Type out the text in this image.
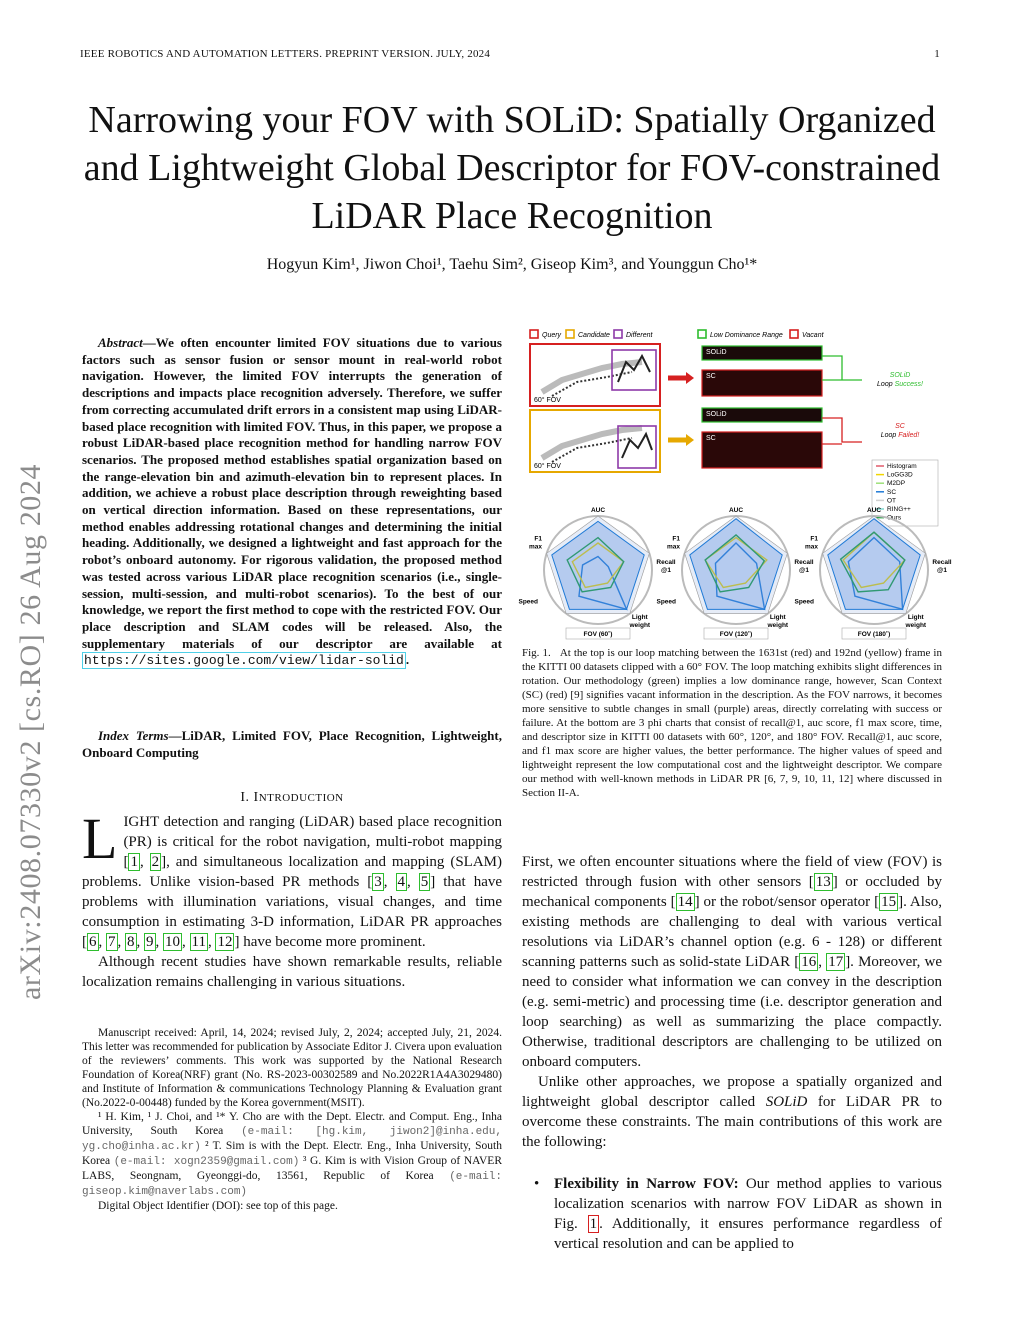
IEEE ROBOTICS AND AUTOMATION LETTERS. PREPRINT VERSION. JULY, 2024	1
Narrowing your FOV with SOLiD: Spatially Organized and Lightweight Global Descriptor for FOV-constrained LiDAR Place Recognition
Hogyun Kim¹, Jiwon Choi¹, Taehu Sim², Giseop Kim³, and Younggun Cho¹*
arXiv:2408.07330v2 [cs.RO] 26 Aug 2024
Abstract—We often encounter limited FOV situations due to various factors such as sensor fusion or sensor mount in real-world robot navigation. However, the limited FOV interrupts the generation of descriptions and impacts place recognition adversely. Therefore, we suffer from correcting accumulated drift errors in a consistent map using LiDAR-based place recognition with limited FOV. Thus, in this paper, we propose a robust LiDAR-based place recognition method for handling narrow FOV scenarios. The proposed method establishes spatial organization based on the range-elevation bin and azimuth-elevation bin to represent places. In addition, we achieve a robust place description through reweighting based on vertical direction information. Based on these representations, our method enables addressing rotational changes and determining the initial heading. Additionally, we designed a lightweight and fast approach for the robot’s onboard autonomy. For rigorous validation, the proposed method was tested across various LiDAR place recognition scenarios (i.e., single-session, multi-session, and multi-robot scenarios). To the best of our knowledge, we report the first method to cope with the restricted FOV. Our place description and SLAM codes will be released. Also, the supplementary materials of our descriptor are available at https://sites.google.com/view/lidar-solid .
Index Terms—LiDAR, Limited FOV, Place Recognition, Lightweight, Onboard Computing
I. INTRODUCTION

LIGHT detection and ranging (LiDAR) based place recognition (PR) is critical for the robot navigation, multi-robot mapping [ 1 , 2 ], and simultaneous localization and mapping (SLAM) problems. Unlike vision-based PR methods [ 3 , 4 , 5 ] that have problems with illumination variations, visual changes, and time consumption in estimating 3-D information, LiDAR PR approaches [ 6 , 7 , 8 , 9 , 10 , 11 , 12 ] have become more prominent.

Although recent studies have shown remarkable results, reliable localization remains challenging in various situations.

Manuscript received: April, 14, 2024; revised July, 2, 2024; accepted July, 21, 2024. This letter was recommended for publication by Associate Editor J. Civera upon evaluation of the reviewers’ comments. This work was supported by the National Research Foundation of Korea(NRF) grant (No. RS-2023-00302589 and No.2022R1A4A3029480) and Institute of Information & communications Technology Planning & Evaluation grant (No.2022-0-00448) funded by the Korea government(MSIT).
¹ H. Kim, ¹ J. Choi, and ¹* Y. Cho are with the Dept. Electr. and Comput. Eng., Inha University, South Korea (e-mail: [hg.kim, jiwon2]@inha.edu, yg.cho@inha.ac.kr) ² T. Sim is with the Dept. Electr. Eng., Inha University, South Korea (e-mail: xogn2359@gmail.com) ³ G. Kim is with Vision Group of NAVER LABS, Seongnam, Gyeonggi-do, 13561, Republic of Korea (e-mail: giseop.kim@naverlabs.com)
Digital Object Identifier (DOI): see top of this page.
Query Candidate Different	Low Dominance Range	Vacant
60° FOV
60° FOV
SOLiD
SC
SOLiD
SC
SOLiD
Loop Success!
SC
Loop Failed!
Histogram
LoGG3D
M2DP
SC
OT
RING++
Ours
AUC
Recall @1
Light weight
Speed
F1 max
FOV (60˚)
AUC
Recall @1
Light weight
Speed
F1 max
FOV (120˚)
AUC
Recall @1
Light weight
Speed
F1 max
FOV (180˚)
Fig. 1. At the top is our loop matching between the 1631st (red) and 192nd (yellow) frame in the KITTI 00 datasets clipped with a 60° FOV. The loop matching exhibits slight differences in rotation. Our methodology (green) implies a low dominance range, however, Scan Context (SC) (red) [9] signifies vacant information in the description. As the FOV narrows, it becomes more sensitive to subtle changes in small (purple) areas, directly correlating with success or failure. At the bottom are 3 phi charts that consist of recall@1, auc score, f1 max score, time, and descriptor size in KITTI 00 datasets with 60°, 120°, and 180° FOV. Recall@1, auc score, and f1 max score are higher values, the better performance. The higher values of speed and lightweight represent the low computational cost and the lightweight descriptor. We compare our method with well-known methods in LiDAR PR [6, 7, 9, 10, 11, 12] where discussed in Section II-A.

First, we often encounter situations where the field of view (FOV) is restricted through fusion with other sensors [ 13 ] or occluded by mechanical components [ 14 ] or the robot/sensor operator [ 15 ]. Also, existing methods are challenging to deal with various vertical resolutions via LiDAR’s channel option (e.g. 6 - 128) or different scanning patterns such as solid-state LiDAR [ 16 , 17 ]. Moreover, we need to consider what information we can convey in the description (e.g. semi-metric) and processing time (i.e. descriptor generation and loop searching) as well as summarizing the place compactly. Otherwise, traditional descriptors are challenging to be utilized on onboard computers.

Unlike other approaches, we propose a spatially organized and lightweight global descriptor called SOLiD for LiDAR PR to overcome these constraints. The main contributions of this work are the following:

• Flexibility in Narrow FOV: Our method applies to various localization scenarios with narrow FOV LiDAR as shown in Fig. 1 . Additionally, it ensures performance regardless of vertical resolution and can be applied to
